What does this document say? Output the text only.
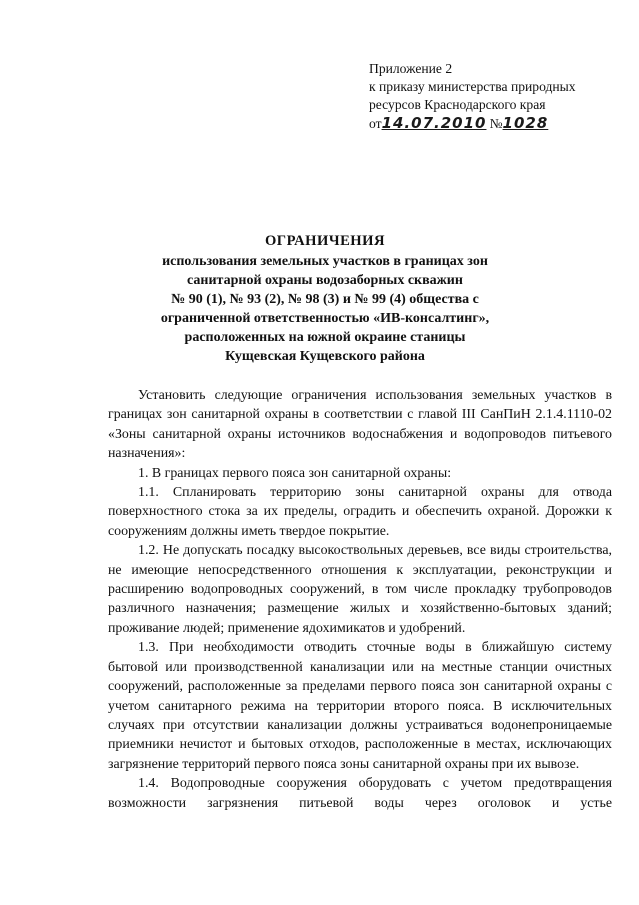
Приложение 2
к приказу министерства природных
ресурсов Краснодарского края
от14.07.2010 №1028
ОГРАНИЧЕНИЯ
использования земельных участков в границах зон
санитарной охраны водозаборных скважин
№ 90 (1), № 93 (2), № 98 (3) и № 99 (4) общества с
ограниченной ответственностью «ИВ-консалтинг»,
расположенных на южной окраине станицы
Кущевская Кущевского района

Установить следующие ограничения использования земельных участков в границах зон санитарной охраны в соответствии с главой III СанПиН 2.1.4.1110-02 «Зоны санитарной охраны источников водоснабжения и водопроводов питьевого назначения»:

1. В границах первого пояса зон санитарной охраны:

1.1. Спланировать территорию зоны санитарной охраны для отвода поверхностного стока за их пределы, оградить и обеспечить охраной. Дорожки к сооружениям должны иметь твердое покрытие.

1.2. Не допускать посадку высокоствольных деревьев, все виды строительства, не имеющие непосредственного отношения к эксплуатации, реконструкции и расширению водопроводных сооружений, в том числе прокладку трубопроводов различного назначения; размещение жилых и хозяйственно-бытовых зданий; проживание людей; применение ядохимикатов и удобрений.

1.3. При необходимости отводить сточные воды в ближайшую систему бытовой или производственной канализации или на местные станции очистных сооружений, расположенные за пределами первого пояса зон санитарной охраны с учетом санитарного режима на территории второго пояса. В исключительных случаях при отсутствии канализации должны устраиваться водонепроницаемые приемники нечистот и бытовых отходов, расположенные в местах, исключающих загрязнение территорий первого пояса зоны санитарной охраны при их вывозе.

1.4. Водопроводные сооружения оборудовать с учетом предотвращения возможности загрязнения питьевой воды через оголовок и устье
